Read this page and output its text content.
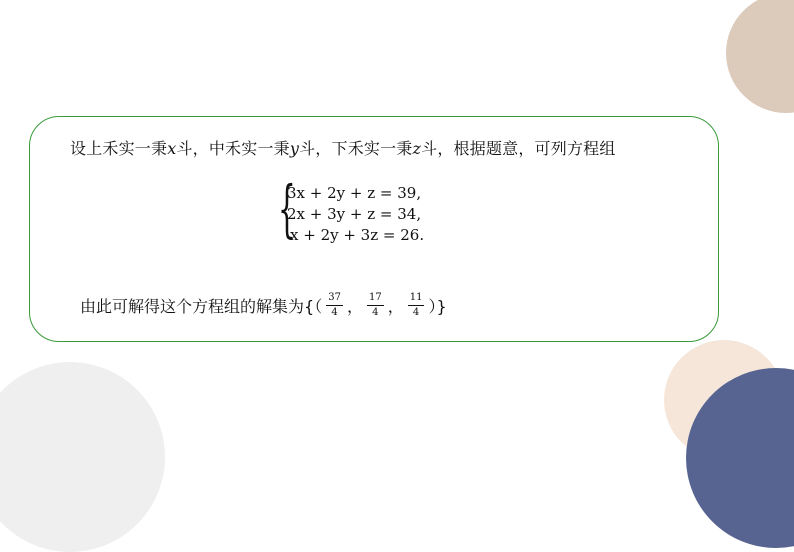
设上禾实一秉x斗，中禾实一秉y斗，下禾实一秉z斗，根据题意，可列方程组
{
3x + 2y + z = 39,
2x + 3y + z = 34,
x + 2y + 3z = 26.
由此可解得这个方程组的解集为 {（ $\frac{37}{4}$ ， $\frac{17}{4}$ ， $\frac{11}{4}$ ）}
